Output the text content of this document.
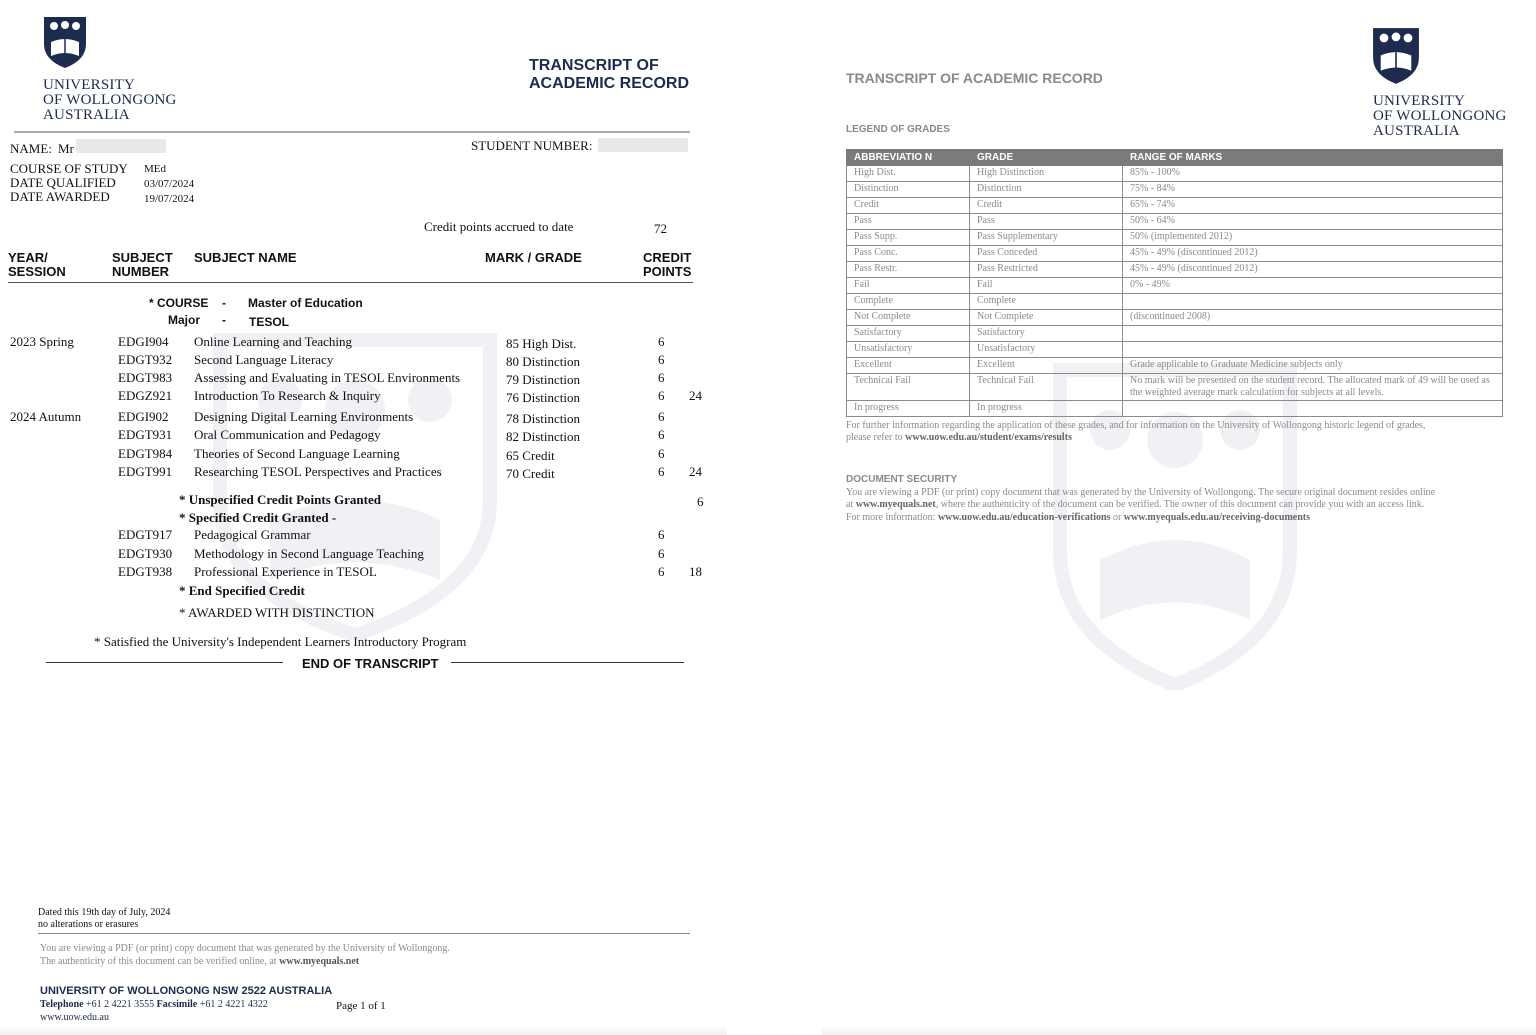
UNIVERSITY
OF WOLLONGONG
AUSTRALIA
TRANSCRIPT OF
ACADEMIC RECORD
NAME: Mr	STUDENT NUMBER:
COURSE OF STUDY MEd
DATE QUALIFIED	03/07/2024
DATE AWARDED	19/07/2024
Credit points accrued to date	72
YEAR/
SESSION
SUBJECT
NUMBER
SUBJECT NAME	MARK / GRADE	CREDIT
POINTS
* COURSE - Master of Education
Major - TESOL
2023 Spring	EDGI904 Online Learning and Teaching	85 High Dist.	6
EDGT932 Second Language Literacy	80 Distinction	6
EDGT983 Assessing and Evaluating in TESOL Environments	79 Distinction	6
EDGZ921 Introduction To Research & Inquiry	76 Distinction	6 24
2024 Autumn	EDGI902 Designing Digital Learning Environments	78 Distinction	6
EDGT931 Oral Communication and Pedagogy	82 Distinction	6
EDGT984 Theories of Second Language Learning	65 Credit	6
EDGT991 Researching TESOL Perspectives and Practices	70 Credit	6 24
* Unspecified Credit Points Granted	6
* Specified Credit Granted -
EDGT917 Pedagogical Grammar	6
EDGT930 Methodology in Second Language Teaching	6
EDGT938 Professional Experience in TESOL	6 18
* End Specified Credit
* AWARDED WITH DISTINCTION
* Satisfied the University's Independent Learners Introductory Program
END OF TRANSCRIPT
Dated this 19th day of July, 2024
no alterations or erasures
You are viewing a PDF (or print) copy document that was generated by the University of Wollongong.
The authenticity of this document can be verified online, at www.myequals.net
UNIVERSITY OF WOLLONGONG NSW 2522 AUSTRALIA
Telephone +61 2 4221 3555 Facsimile +61 2 4221 4322	Page 1 of 1
www.uow.edu.au
TRANSCRIPT OF ACADEMIC RECORD
UNIVERSITY
OF WOLLONGONG
AUSTRALIA
LEGEND OF GRADES
ABBREVIATIO N	GRADE	RANGE OF MARKS
High Dist.	High Distinction	85% - 100%
Distinction	Distinction	75% - 84%
Credit	Credit	65% - 74%
Pass	Pass	50% - 64%
Pass Supp.	Pass Supplementary	50% (implemented 2012)
Pass Conc.	Pass Conceded	45% - 49% (discontinued 2012)
Pass Restr.	Pass Restricted	45% - 49% (discontinued 2012)
Fail	Fail	0% - 49%
Complete	Complete	
Not Complete	Not Complete	(discontinued 2008)
Satisfactory	Satisfactory	
Unsatisfactory	Unsatisfactory	
Excellent	Excellent	Grade applicable to Graduate Medicine subjects only
Technical Fail	Technical Fail	No mark will be presented on the student record. The allocated mark of 49 will be used as the weighted average mark calculation for subjects at all levels.
In progress	In progress	
For further information regarding the application of these grades, and for information on the University of Wollongong historic legend of grades,
please refer to www.uow.edu.au/student/exams/results
DOCUMENT SECURITY
You are viewing a PDF (or print) copy document that was generated by the University of Wollongong. The secure original document resides online
at www.myequals.net, where the authenticity of the document can be verified. The owner of this document can provide you with an access link.
For more information: www.uow.edu.au/education-verifications or www.myequals.edu.au/receiving-documents
